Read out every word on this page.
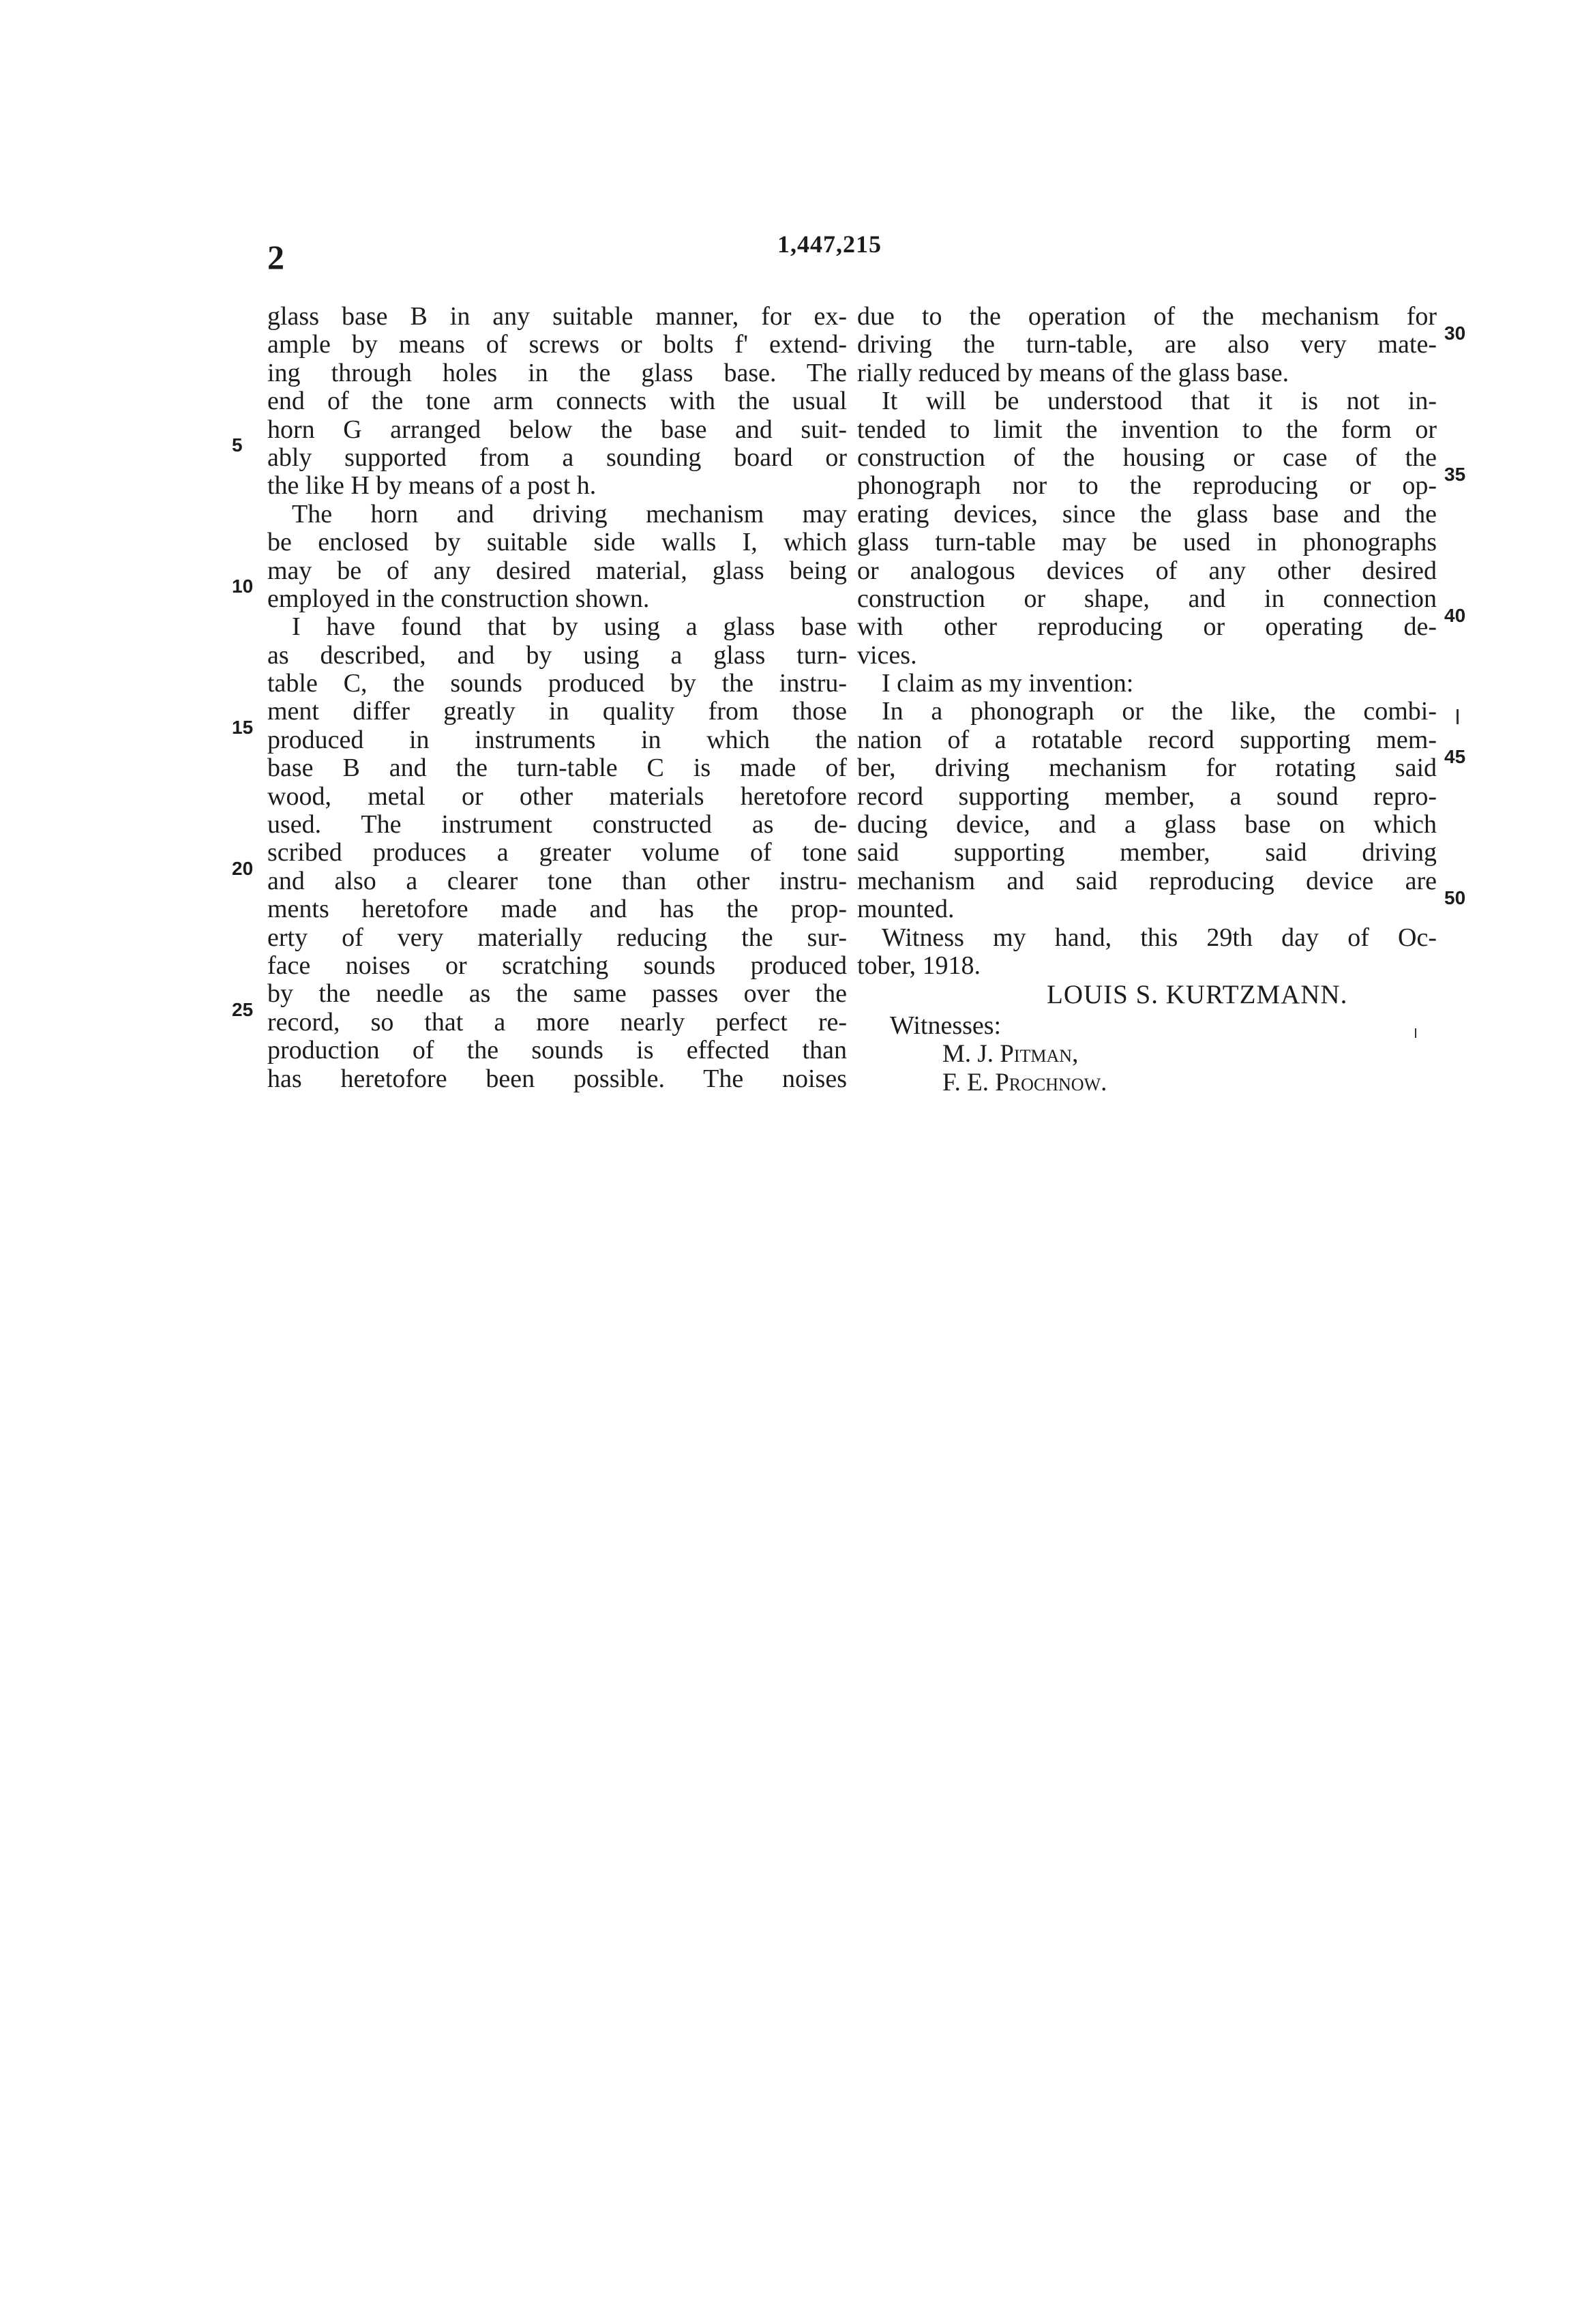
2	1,447,215
glass base B in any suitable manner, for ex-
ample by means of screws or bolts f' extend-
ing through holes in the glass base. The
end of the tone arm connects with the usual
horn G arranged below the base and suit-
ably supported from a sounding board or
the like H by means of a post h.
The horn and driving mechanism may
be enclosed by suitable side walls I, which
may be of any desired material, glass being
employed in the construction shown.
I have found that by using a glass base
as described, and by using a glass turn-
table C, the sounds produced by the instru-
ment differ greatly in quality from those
produced in instruments in which the
base B and the turn-table C is made of
wood, metal or other materials heretofore
used. The instrument constructed as de-
scribed produces a greater volume of tone
and also a clearer tone than other instru-
ments heretofore made and has the prop-
erty of very materially reducing the sur-
face noises or scratching sounds produced
by the needle as the same passes over the
record, so that a more nearly perfect re-
production of the sounds is effected than
has heretofore been possible. The noises
5
10
15
20
25
due to the operation of the mechanism for
driving the turn-table, are also very mate-
rially reduced by means of the glass base.
It will be understood that it is not in-
tended to limit the invention to the form or
construction of the housing or case of the
phonograph nor to the reproducing or op-
erating devices, since the glass base and the
glass turn-table may be used in phonographs
or analogous devices of any other desired
construction or shape, and in connection
with other reproducing or operating de-
vices.
I claim as my invention:
In a phonograph or the like, the combi-
nation of a rotatable record supporting mem-
ber, driving mechanism for rotating said
record supporting member, a sound repro-
ducing device, and a glass base on which
said supporting member, said driving
mechanism and said reproducing device are
mounted.
Witness my hand, this 29th day of Oc-
tober, 1918.
30
35
40
45
50
LOUIS S. KURTZMANN.
Witnesses:
M. J. Pitman,
F. E. Prochnow.
